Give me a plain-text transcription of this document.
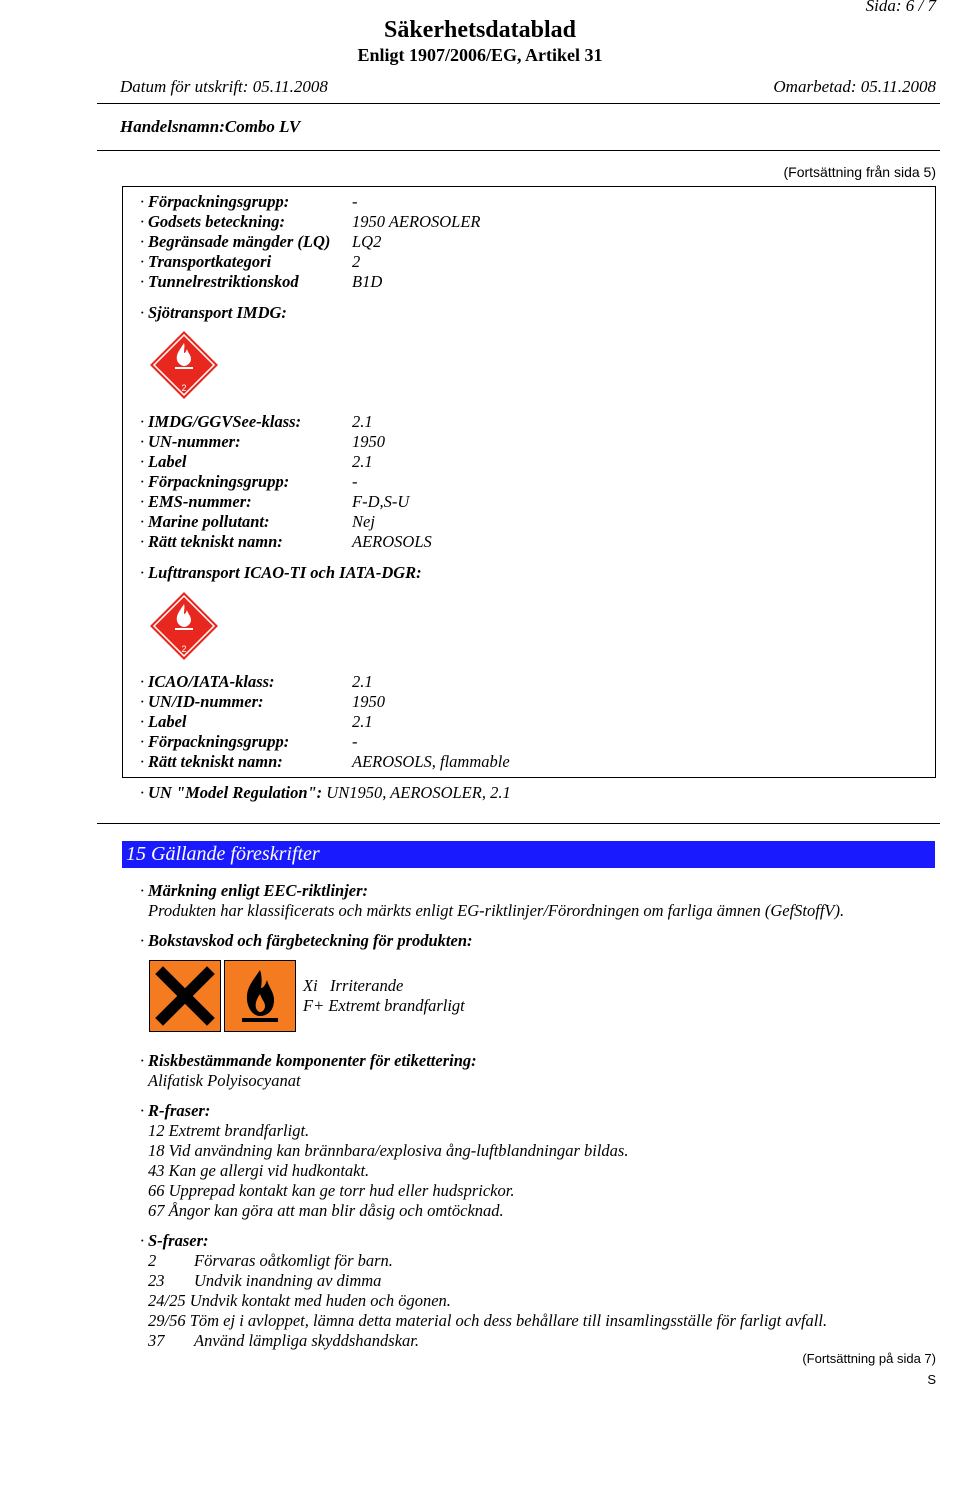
Sida: 6 / 7
Säkerhetsdatablad
Enligt 1907/2006/EG, Artikel 31
Datum för utskrift: 05.11.2008	Omarbetad: 05.11.2008
Handelsnamn:Combo LV
(Fortsättning från sida 5)
· Förpackningsgrupp:	-
· Godsets beteckning:	1950 AEROSOLER
· Begränsade mängder (LQ) LQ2
· Transportkategori	2
· Tunnelrestriktionskod	B1D
· Sjötransport IMDG:
2
· IMDG/GGVSee-klass:	2.1
· UN-nummer:	1950
· Label	2.1
· Förpackningsgrupp:	-
· EMS-nummer:	F-D,S-U
· Marine pollutant:	Nej
· Rätt tekniskt namn:	AEROSOLS
· Lufttransport ICAO-TI och IATA-DGR:
2
· ICAO/IATA-klass:	2.1
· UN/ID-nummer:	1950
· Label	2.1
· Förpackningsgrupp:	-
· Rätt tekniskt namn:	AEROSOLS, flammable
· UN "Model Regulation": UN1950, AEROSOLER, 2.1
15 Gällande föreskrifter
· Märkning enligt EEC-riktlinjer:
Produkten har klassificerats och märkts enligt EG-riktlinjer/Förordningen om farliga ämnen (GefStoffV).
· Bokstavskod och färgbeteckning för produkten:
Xi Irriterande
F+ Extremt brandfarligt
· Riskbestämmande komponenter för etikettering:
Alifatisk Polyisocyanat
· R-fraser:
12 Extremt brandfarligt.
18 Vid användning kan brännbara/explosiva ång-luftblandningar bildas.
43 Kan ge allergi vid hudkontakt.
66 Upprepad kontakt kan ge torr hud eller hudsprickor.
67 Ångor kan göra att man blir dåsig och omtöcknad.
· S-fraser:
2 Förvaras oåtkomligt för barn.
23 Undvik inandning av dimma
24/25 Undvik kontakt med huden och ögonen.
29/56 Töm ej i avloppet, lämna detta material och dess behållare till insamlingsställe för farligt avfall.
37 Använd lämpliga skyddshandskar.
(Fortsättning på sida 7)
S
